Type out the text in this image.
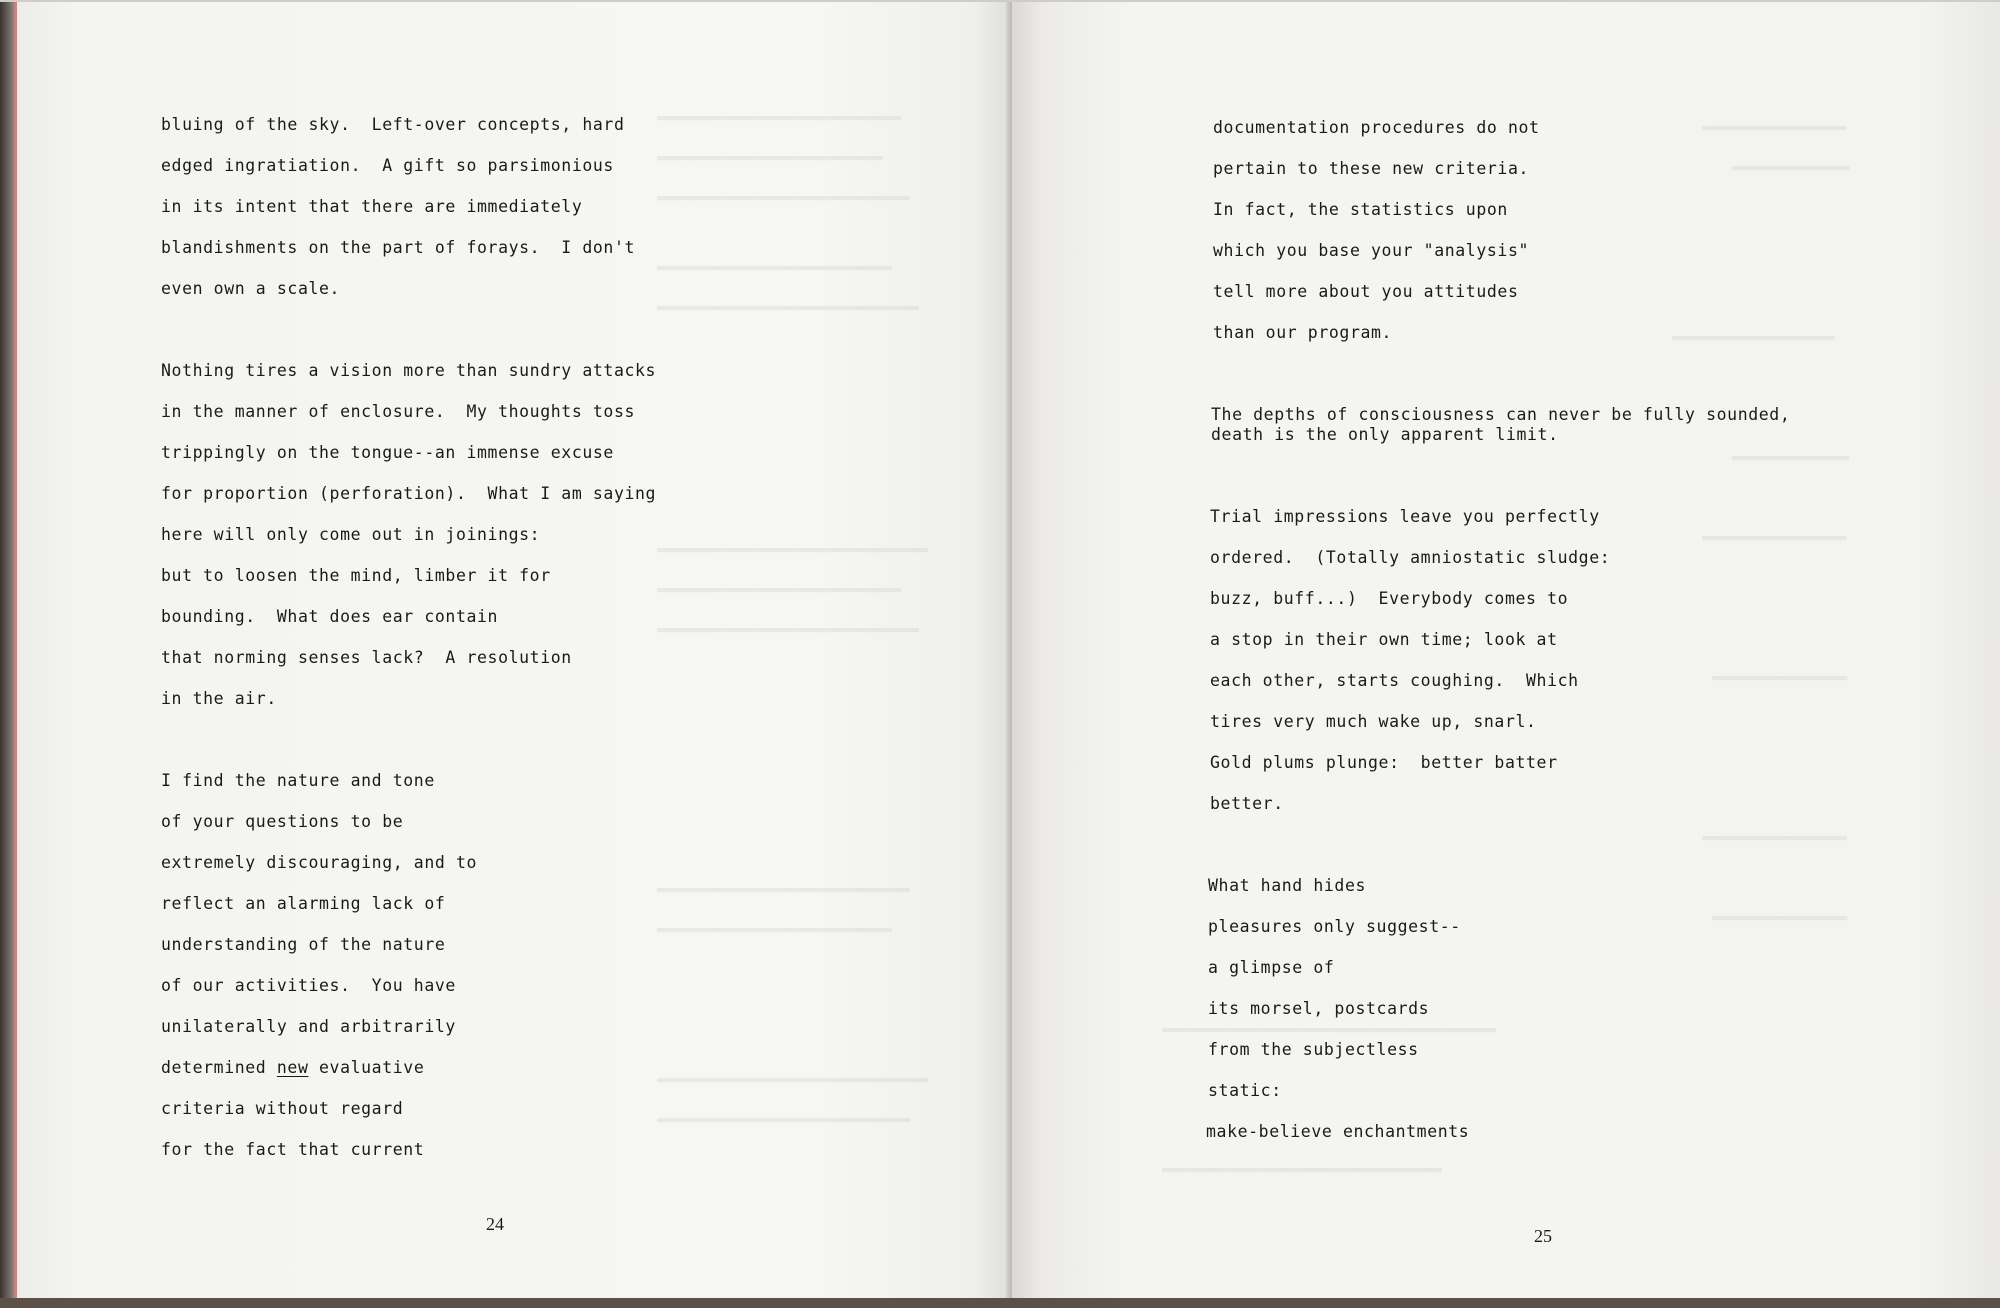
▬▬▬▬▬▬▬▬▬▬▬▬▬▬▬▬▬▬▬▬▬▬▬▬▬▬▬
▬▬▬▬▬▬▬▬▬▬▬▬▬▬▬▬▬▬▬▬▬▬▬▬▬
▬▬▬▬▬▬▬▬▬▬▬▬▬▬▬▬▬▬▬▬▬▬▬▬▬▬▬▬
▬▬▬▬▬▬▬▬▬▬▬▬▬▬▬▬▬▬▬▬▬▬▬▬▬▬
▬▬▬▬▬▬▬▬▬▬▬▬▬▬▬▬▬▬▬▬▬▬▬▬▬▬▬▬▬
▬▬▬▬▬▬▬▬▬▬▬▬▬▬▬▬▬▬▬▬▬▬▬▬▬▬▬▬▬▬
▬▬▬▬▬▬▬▬▬▬▬▬▬▬▬▬▬▬▬▬▬▬▬▬▬▬▬
▬▬▬▬▬▬▬▬▬▬▬▬▬▬▬▬▬▬▬▬▬▬▬▬▬▬▬▬▬
▬▬▬▬▬▬▬▬▬▬▬▬▬▬▬▬▬▬▬▬▬▬▬▬▬▬▬▬
▬▬▬▬▬▬▬▬▬▬▬▬▬▬▬▬▬▬▬▬▬▬▬▬▬▬
▬▬▬▬▬▬▬▬▬▬▬▬▬▬▬▬▬▬▬▬▬▬▬▬▬▬▬▬▬▬
▬▬▬▬▬▬▬▬▬▬▬▬▬▬▬▬▬▬▬▬▬▬▬▬▬▬▬▬

bluing of the sky.  Left-over concepts, hard

edged ingratiation.  A gift so parsimonious

in its intent that there are immediately

blandishments on the part of forays.  I don't

even own a scale.

Nothing tires a vision more than sundry attacks

in the manner of enclosure.  My thoughts toss

trippingly on the tongue--an immense excuse

for proportion (perforation).  What I am saying

here will only come out in joinings:

but to loosen the mind, limber it for

bounding.  What does ear contain

that norming senses lack?  A resolution

in the air.

I find the nature and tone

of your questions to be

extremely discouraging, and to

reflect an alarming lack of

understanding of the nature

of our activities.  You have

unilaterally and arbitrarily

determined new evaluative

criteria without regard

for the fact that current

24
▬▬▬▬▬▬▬▬▬▬▬▬▬▬▬▬
▬▬▬▬▬▬▬▬▬▬▬▬▬
▬▬▬▬▬▬▬▬▬▬▬▬▬▬▬▬▬▬
▬▬▬▬▬▬▬▬▬▬▬▬▬
▬▬▬▬▬▬▬▬▬▬▬▬▬▬▬▬
▬▬▬▬▬▬▬▬▬▬▬▬▬▬▬
▬▬▬▬▬▬▬▬▬▬▬▬▬▬▬▬
▬▬▬▬▬▬▬▬▬▬▬▬▬▬▬
▬▬▬▬▬▬▬▬▬▬▬▬▬▬▬▬▬▬▬▬▬▬▬▬▬▬▬▬▬▬▬▬▬▬▬▬▬
▬▬▬▬▬▬▬▬▬▬▬▬▬▬▬▬▬▬▬▬▬▬▬▬▬▬▬▬▬▬▬

documentation procedures do not

pertain to these new criteria.

In fact, the statistics upon

which you base your "analysis"

tell more about you attitudes

than our program.

The depths of consciousness can never be fully sounded,

death is the only apparent limit.

Trial impressions leave you perfectly

ordered.  (Totally amniostatic sludge:

buzz, buff...)  Everybody comes to

a stop in their own time; look at

each other, starts coughing.  Which

tires very much wake up, snarl.

Gold plums plunge:  better batter

better.

What hand hides

pleasures only suggest--

a glimpse of

its morsel, postcards

from the subjectless

static:

make-believe enchantments

25
